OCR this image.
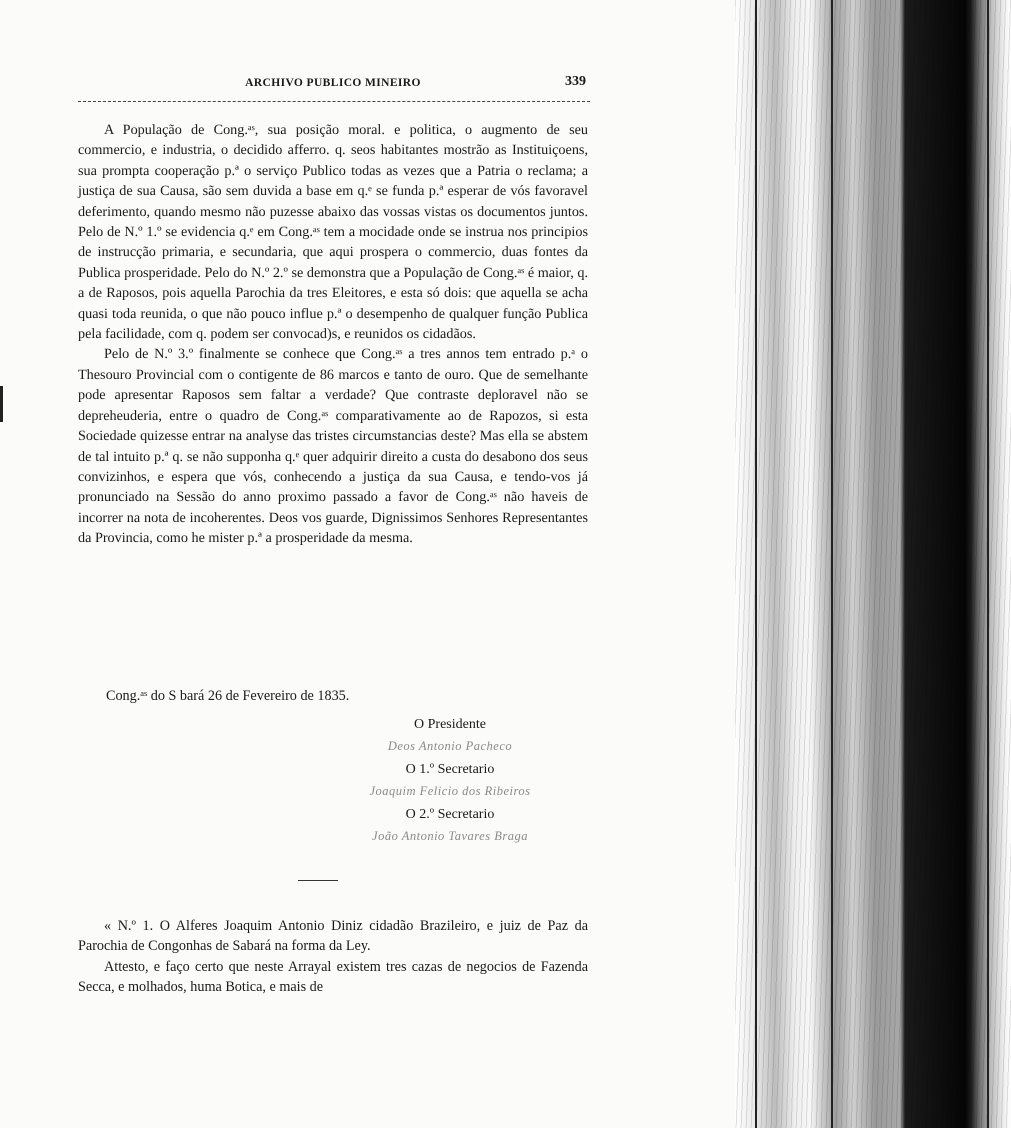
ARCHIVO PUBLICO MINEIRO	339

A População de Cong.ᵃˢ, sua posição moral. e politica, o augmento de seu commercio, e industria, o decidido afferro. q. seos habitantes mostrão as Instituiçoens, sua prompta cooperação p.ª o serviço Publico todas as vezes que a Patria o reclama; a justiça de sua Causa, são sem duvida a base em q.ᵉ se funda p.ª esperar de vós favoravel deferimento, quando mesmo não puzesse abaixo das vossas vistas os documentos juntos. Pelo de N.º 1.º se evidencia q.ᵉ em Cong.ᵃˢ tem a mocidade onde se instrua nos principios de instrucção primaria, e secundaria, que aqui prospera o commercio, duas fontes da Publica prosperidade. Pelo do N.º 2.º se demonstra que a População de Cong.ᵃˢ é maior, q. a de Raposos, pois aquella Parochia da tres Eleitores, e esta só dois: que aquella se acha quasi toda reunida, o que não pouco influe p.ª o desempenho de qualquer função Publica pela facilidade, com q. podem ser convocad)s, e reunidos os cidadãos.

Pelo de N.º 3.º finalmente se conhece que Cong.ᵃˢ a tres annos tem entrado p.ᵃ o Thesouro Provincial com o contigente de 86 marcos e tanto de ouro. Que de semelhante pode apresentar Raposos sem faltar a verdade? Que contraste deploravel não se depreheuderia, entre o quadro de Cong.ᵃˢ comparativamente ao de Rapozos, si esta Sociedade quizesse entrar na analyse das tristes circumstancias deste? Mas ella se abstem de tal intuito p.ª q. se não supponha q.ᵉ quer adquirir direito a custa do desabono dos seus convizinhos, e espera que vós, conhecendo a justiça da sua Causa, e tendo-vos já pronunciado na Sessão do anno proximo passado a favor de Cong.ᵃˢ não haveis de incorrer na nota de incoherentes. Deos vos guarde, Dignissimos Senhores Representantes da Provincia, como he mister p.ª a prosperidade da mesma.

Cong.ᵃˢ do S bará 26 de Fevereiro de 1835.
O Presidente
Deos Antonio Pacheco
O 1.º Secretario
Joaquim Felicio dos Ribeiros
O 2.º Secretario
João Antonio Tavares Braga

« N.º 1. O Alferes Joaquim Antonio Diniz cidadão Brazileiro, e juiz de Paz da Parochia de Congonhas de Sabará na forma da Ley.

Attesto, e faço certo que neste Arrayal existem tres cazas de negocios de Fazenda Secca, e molhados, huma Botica, e mais de
